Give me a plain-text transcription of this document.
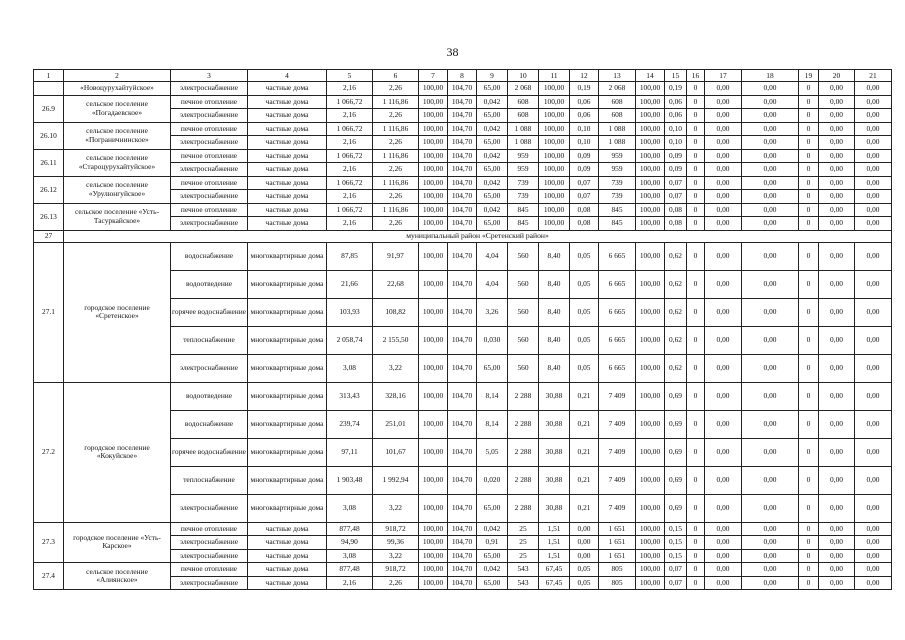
38
1	2	3	4	5	6	7	8	9	10	11	12	13	14	15	16	17	18	19	20	21
	«Новоцурухайтуйское»	электроснабжение	частные дома	2,16	2,26	100,00	104,70	65,00	2 068	100,00	0,19	2 068	100,00	0,19	0	0,00	0,00	0	0,00	0,00
26.9	сельское поселение «Погадаевское»	печное отопление	частные дома	1 066,72	1 116,86	100,00	104,70	0,042	608	100,00	0,06	608	100,00	0,06	0	0,00	0,00	0	0,00	0,00
		электроснабжение	частные дома	2,16	2,26	100,00	104,70	65,00	608	100,00	0,06	608	100,00	0,06	0	0,00	0,00	0	0,00	0,00
26.10	сельское поселение «Пограничнинское»	печное отопление	частные дома	1 066,72	1 116,86	100,00	104,70	0,042	1 088	100,00	0,10	1 088	100,00	0,10	0	0,00	0,00	0	0,00	0,00
		электроснабжение	частные дома	2,16	2,26	100,00	104,70	65,00	1 088	100,00	0,10	1 088	100,00	0,10	0	0,00	0,00	0	0,00	0,00
26.11	сельское поселение «Староцурухайтуйское»	печное отопление	частные дома	1 066,72	1 116,86	100,00	104,70	0,042	959	100,00	0,09	959	100,00	0,09	0	0,00	0,00	0	0,00	0,00
		электроснабжение	частные дома	2,16	2,26	100,00	104,70	65,00	959	100,00	0,09	959	100,00	0,09	0	0,00	0,00	0	0,00	0,00
26.12	сельское поселение «Урулюнгуйское»	печное отопление	частные дома	1 066,72	1 116,86	100,00	104,70	0,042	739	100,00	0,07	739	100,00	0,07	0	0,00	0,00	0	0,00	0,00
		электроснабжение	частные дома	2,16	2,26	100,00	104,70	65,00	739	100,00	0,07	739	100,00	0,07	0	0,00	0,00	0	0,00	0,00
26.13	сельское поселение «Усть-Тасуркайское»	печное отопление	частные дома	1 066,72	1 116,86	100,00	104,70	0,042	845	100,00	0,08	845	100,00	0,08	0	0,00	0,00	0	0,00	0,00
		электроснабжение	частные дома	2,16	2,26	100,00	104,70	65,00	845	100,00	0,08	845	100,00	0,08	0	0,00	0,00	0	0,00	0,00
27	муниципальный район «Сретенский район»																			
27.1	городское поселение «Сретенское»	водоснабжение	многоквартирные дома	87,85	91,97	100,00	104,70	4,04	560	8,40	0,05	6 665	100,00	0,62	0	0,00	0,00	0	0,00	0,00
		водоотведение	многоквартирные дома	21,66	22,68	100,00	104,70	4,04	560	8,40	0,05	6 665	100,00	0,62	0	0,00	0,00	0	0,00	0,00
		горячее водоснабжение	многоквартирные дома	103,93	108,82	100,00	104,70	3,26	560	8,40	0,05	6 665	100,00	0,62	0	0,00	0,00	0	0,00	0,00
		теплоснабжение	многоквартирные дома	2 058,74	2 155,50	100,00	104,70	0,030	560	8,40	0,05	6 665	100,00	0,62	0	0,00	0,00	0	0,00	0,00
		электроснабжение	многоквартирные дома	3,08	3,22	100,00	104,70	65,00	560	8,40	0,05	6 665	100,00	0,62	0	0,00	0,00	0	0,00	0,00
27.2	городское поселение «Кокуйское»	водоотведение	многоквартирные дома	313,43	328,16	100,00	104,70	8,14	2 288	30,88	0,21	7 409	100,00	0,69	0	0,00	0,00	0	0,00	0,00
		водоснабжение	многоквартирные дома	239,74	251,01	100,00	104,70	8,14	2 288	30,88	0,21	7 409	100,00	0,69	0	0,00	0,00	0	0,00	0,00
		горячее водоснабжение	многоквартирные дома	97,11	101,67	100,00	104,70	5,05	2 288	30,88	0,21	7 409	100,00	0,69	0	0,00	0,00	0	0,00	0,00
		теплоснабжение	многоквартирные дома	1 903,48	1 992,94	100,00	104,70	0,020	2 288	30,88	0,21	7 409	100,00	0,69	0	0,00	0,00	0	0,00	0,00
		электроснабжение	многоквартирные дома	3,08	3,22	100,00	104,70	65,00	2 288	30,88	0,21	7 409	100,00	0,69	0	0,00	0,00	0	0,00	0,00
27.3	городское поселение «Усть-Карское»	печное отопление	частные дома	877,48	918,72	100,00	104,70	0,042	25	1,51	0,00	1 651	100,00	0,15	0	0,00	0,00	0	0,00	0,00
		электроснабжение	частные дома	94,90	99,36	100,00	104,70	0,91	25	1,51	0,00	1 651	100,00	0,15	0	0,00	0,00	0	0,00	0,00
		электроснабжение	частные дома	3,08	3,22	100,00	104,70	65,00	25	1,51	0,00	1 651	100,00	0,15	0	0,00	0,00	0	0,00	0,00
27.4	сельское поселение «Алиянское»	печное отопление	частные дома	877,48	918,72	100,00	104,70	0,042	543	67,45	0,05	805	100,00	0,07	0	0,00	0,00	0	0,00	0,00
		электроснабжение	частные дома	2,16	2,26	100,00	104,70	65,00	543	67,45	0,05	805	100,00	0,07	0	0,00	0,00	0	0,00	0,00
